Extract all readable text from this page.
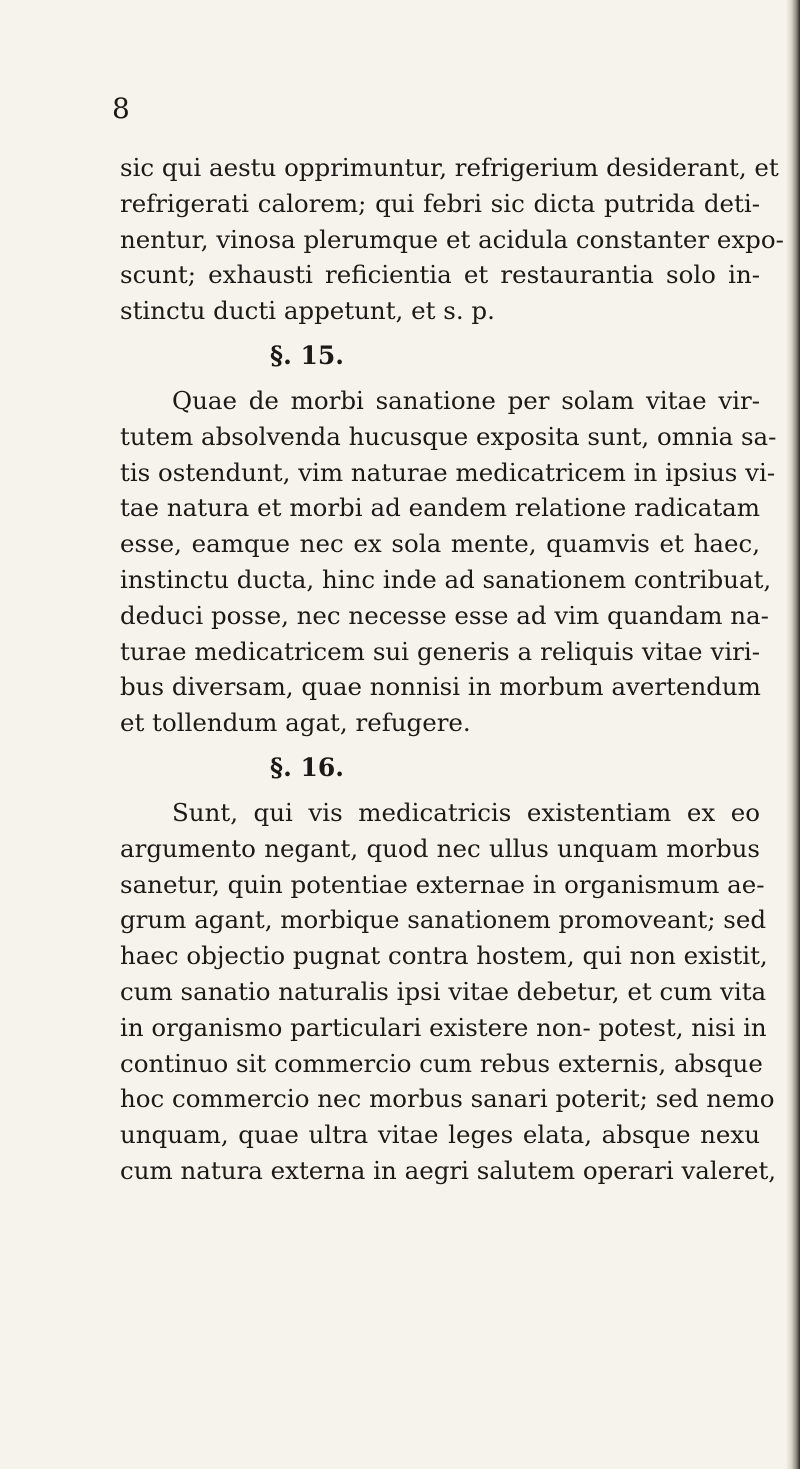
8
sic qui aestu opprimuntur, refrigerium desiderant, et
refrigerati calorem; qui febri sic dicta putrida deti-
nentur, vinosa plerumque et acidula constanter expo-
scunt; exhausti reficientia et restaurantia solo in-
stinctu ducti appetunt, et s. p.
§. 15.
Quae de morbi sanatione per solam vitae vir-
tutem absolvenda hucusque exposita sunt, omnia sa-
tis ostendunt, vim naturae medicatricem in ipsius vi-
tae natura et morbi ad eandem relatione radicatam
esse, eamque nec ex sola mente, quamvis et haec,
instinctu ducta, hinc inde ad sanationem contribuat,
deduci posse, nec necesse esse ad vim quandam na-
turae medicatricem sui generis a reliquis vitae viri-
bus diversam, quae nonnisi in morbum avertendum
et tollendum agat, refugere.
§. 16.
Sunt, qui vis medicatricis existentiam ex eo
argumento negant, quod nec ullus unquam morbus
sanetur, quin potentiae externae in organismum ae-
grum agant, morbique sanationem promoveant; sed
haec objectio pugnat contra hostem, qui non existit,
cum sanatio naturalis ipsi vitae debetur, et cum vita
in organismo particulari existere non- potest, nisi in
continuo sit commercio cum rebus externis, absque
hoc commercio nec morbus sanari poterit; sed nemo
unquam, quae ultra vitae leges elata, absque nexu
cum natura externa in aegri salutem operari valeret,
